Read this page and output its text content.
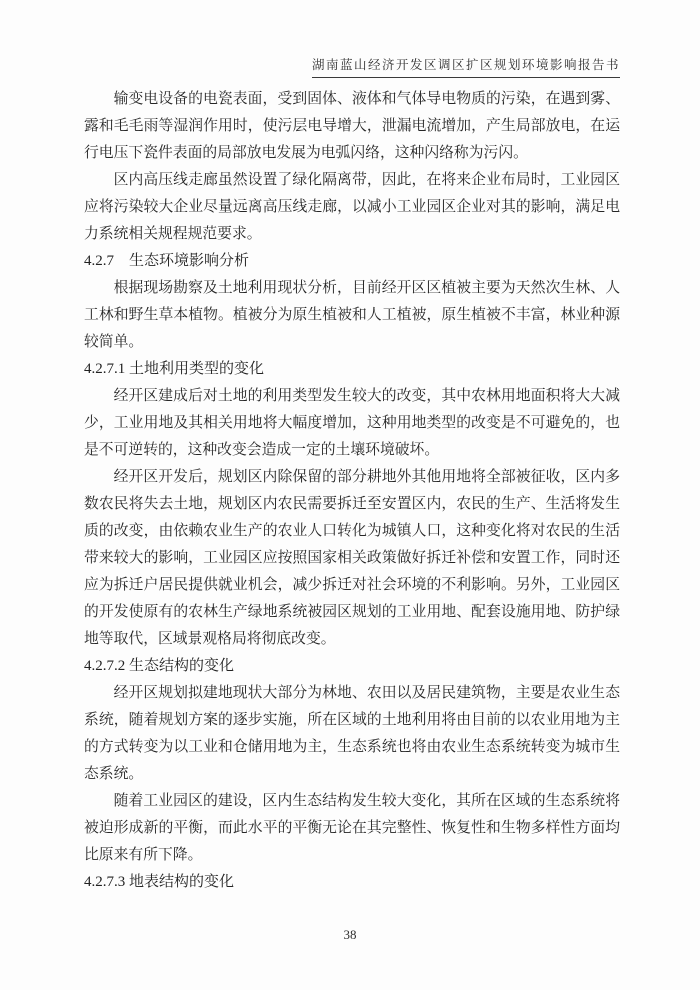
湖南蓝山经济开发区调区扩区规划环境影响报告书

输变电设备的电瓷表面，受到固体、液体和气体导电物质的污染，在遇到雾、露和毛毛雨等湿润作用时，使污层电导增大，泄漏电流增加，产生局部放电，在运行电压下瓷件表面的局部放电发展为电弧闪络，这种闪络称为污闪。

区内高压线走廊虽然设置了绿化隔离带，因此，在将来企业布局时，工业园区应将污染较大企业尽量远离高压线走廊，以减小工业园区企业对其的影响，满足电力系统相关规程规范要求。

4.2.7　生态环境影响分析

根据现场勘察及土地利用现状分析，目前经开区区植被主要为天然次生林、人工林和野生草本植物。植被分为原生植被和人工植被，原生植被不丰富，林业种源较简单。

4.2.7.1 土地利用类型的变化

经开区建成后对土地的利用类型发生较大的改变，其中农林用地面积将大大减少，工业用地及其相关用地将大幅度增加，这种用地类型的改变是不可避免的，也是不可逆转的，这种改变会造成一定的土壤环境破坏。

经开区开发后，规划区内除保留的部分耕地外其他用地将全部被征收，区内多数农民将失去土地，规划区内农民需要拆迁至安置区内，农民的生产、生活将发生质的改变，由依赖农业生产的农业人口转化为城镇人口，这种变化将对农民的生活带来较大的影响，工业园区应按照国家相关政策做好拆迁补偿和安置工作，同时还应为拆迁户居民提供就业机会，减少拆迁对社会环境的不利影响。另外，工业园区的开发使原有的农林生产绿地系统被园区规划的工业用地、配套设施用地、防护绿地等取代，区域景观格局将彻底改变。

4.2.7.2 生态结构的变化

经开区规划拟建地现状大部分为林地、农田以及居民建筑物，主要是农业生态系统，随着规划方案的逐步实施，所在区域的土地利用将由目前的以农业用地为主的方式转变为以工业和仓储用地为主，生态系统也将由农业生态系统转变为城市生态系统。

随着工业园区的建设，区内生态结构发生较大变化，其所在区域的生态系统将被迫形成新的平衡，而此水平的平衡无论在其完整性、恢复性和生物多样性方面均比原来有所下降。

4.2.7.3 地表结构的变化
38
